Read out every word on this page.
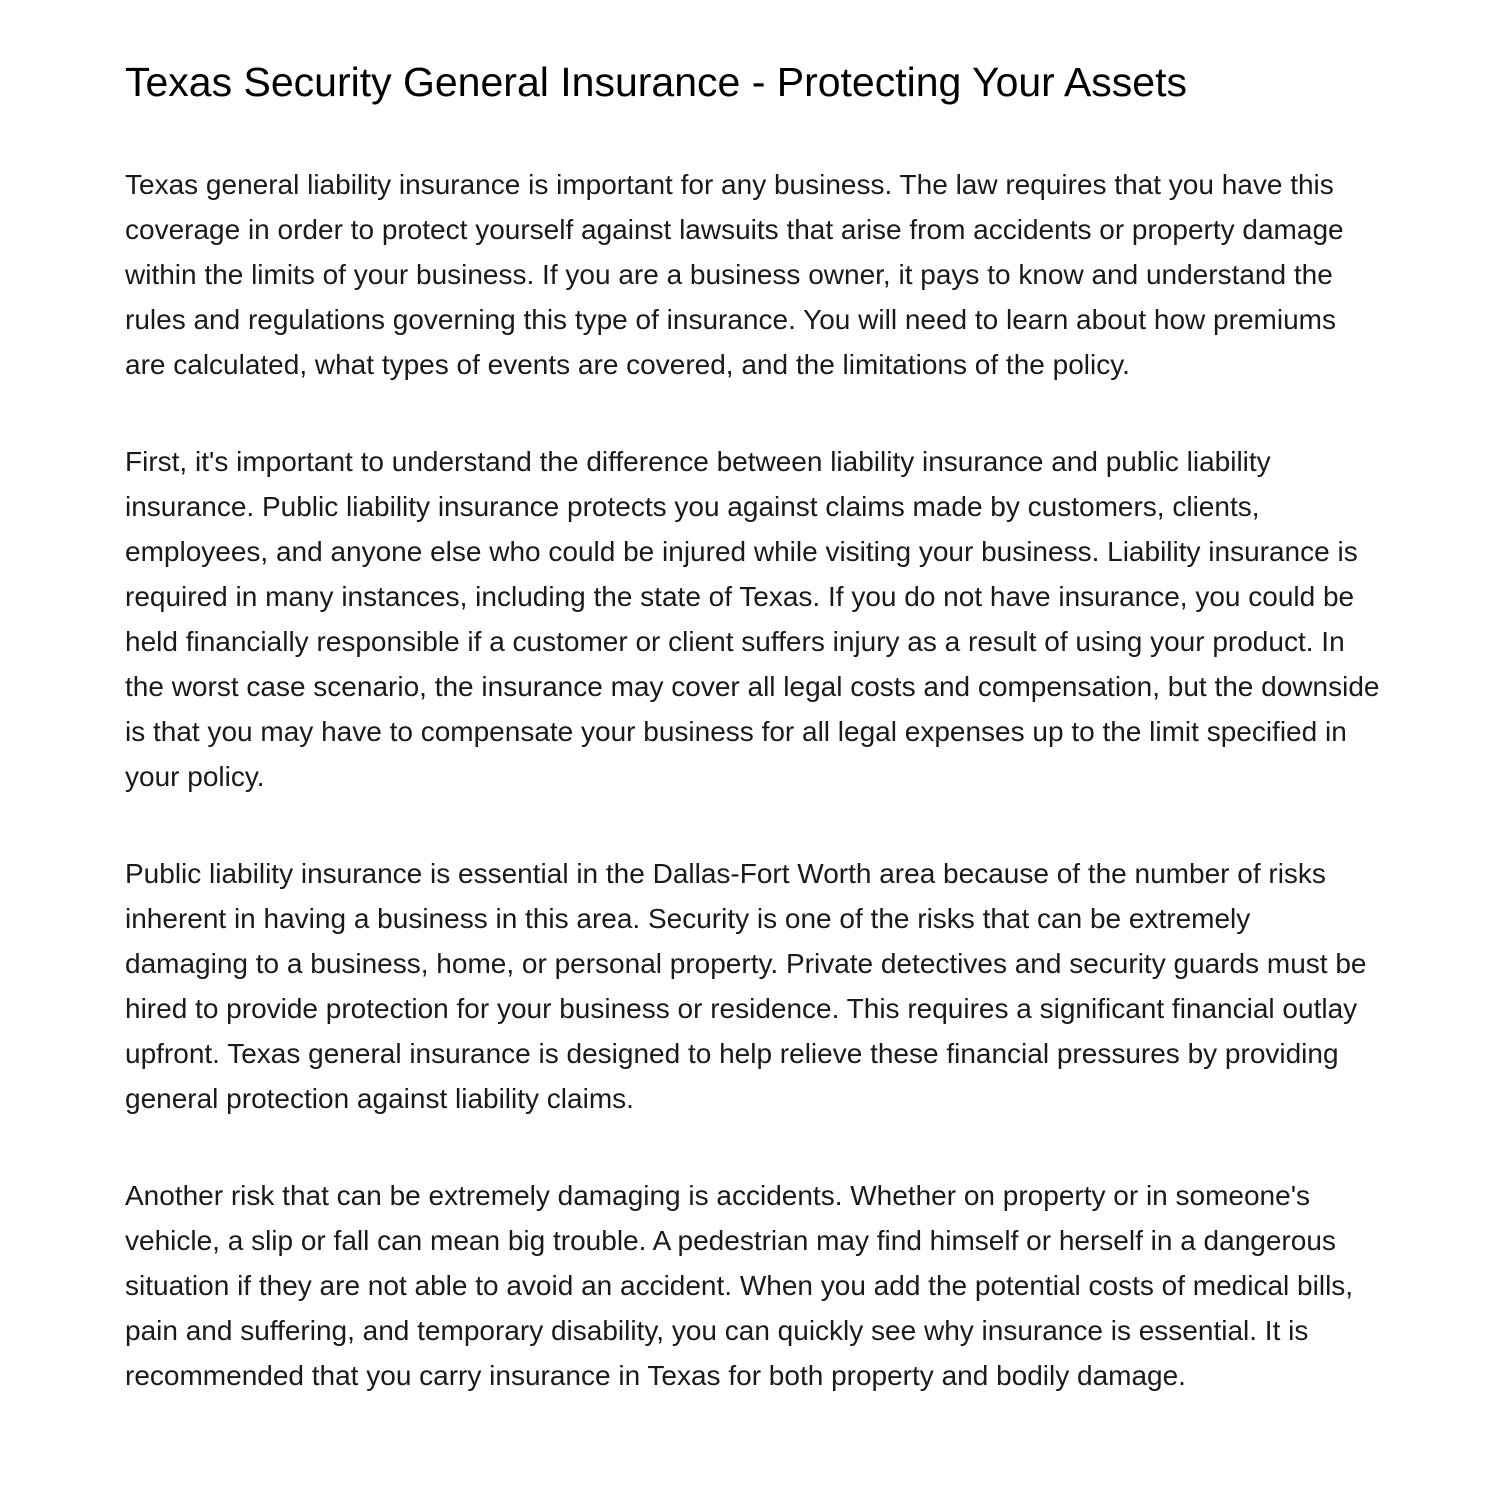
Texas Security General Insurance - Protecting Your Assets

Texas general liability insurance is important for any business. The law requires that you have this coverage in order to protect yourself against lawsuits that arise from accidents or property damage within the limits of your business. If you are a business owner, it pays to know and understand the rules and regulations governing this type of insurance. You will need to learn about how premiums are calculated, what types of events are covered, and the limitations of the policy.

First, it's important to understand the difference between liability insurance and public liability insurance. Public liability insurance protects you against claims made by customers, clients, employees, and anyone else who could be injured while visiting your business. Liability insurance is required in many instances, including the state of Texas. If you do not have insurance, you could be held financially responsible if a customer or client suffers injury as a result of using your product. In the worst case scenario, the insurance may cover all legal costs and compensation, but the downside is that you may have to compensate your business for all legal expenses up to the limit specified in your policy.

Public liability insurance is essential in the Dallas-Fort Worth area because of the number of risks inherent in having a business in this area. Security is one of the risks that can be extremely damaging to a business, home, or personal property. Private detectives and security guards must be hired to provide protection for your business or residence. This requires a significant financial outlay upfront. Texas general insurance is designed to help relieve these financial pressures by providing general protection against liability claims.

Another risk that can be extremely damaging is accidents. Whether on property or in someone's vehicle, a slip or fall can mean big trouble. A pedestrian may find himself or herself in a dangerous situation if they are not able to avoid an accident. When you add the potential costs of medical bills, pain and suffering, and temporary disability, you can quickly see why insurance is essential. It is recommended that you carry insurance in Texas for both property and bodily damage.
